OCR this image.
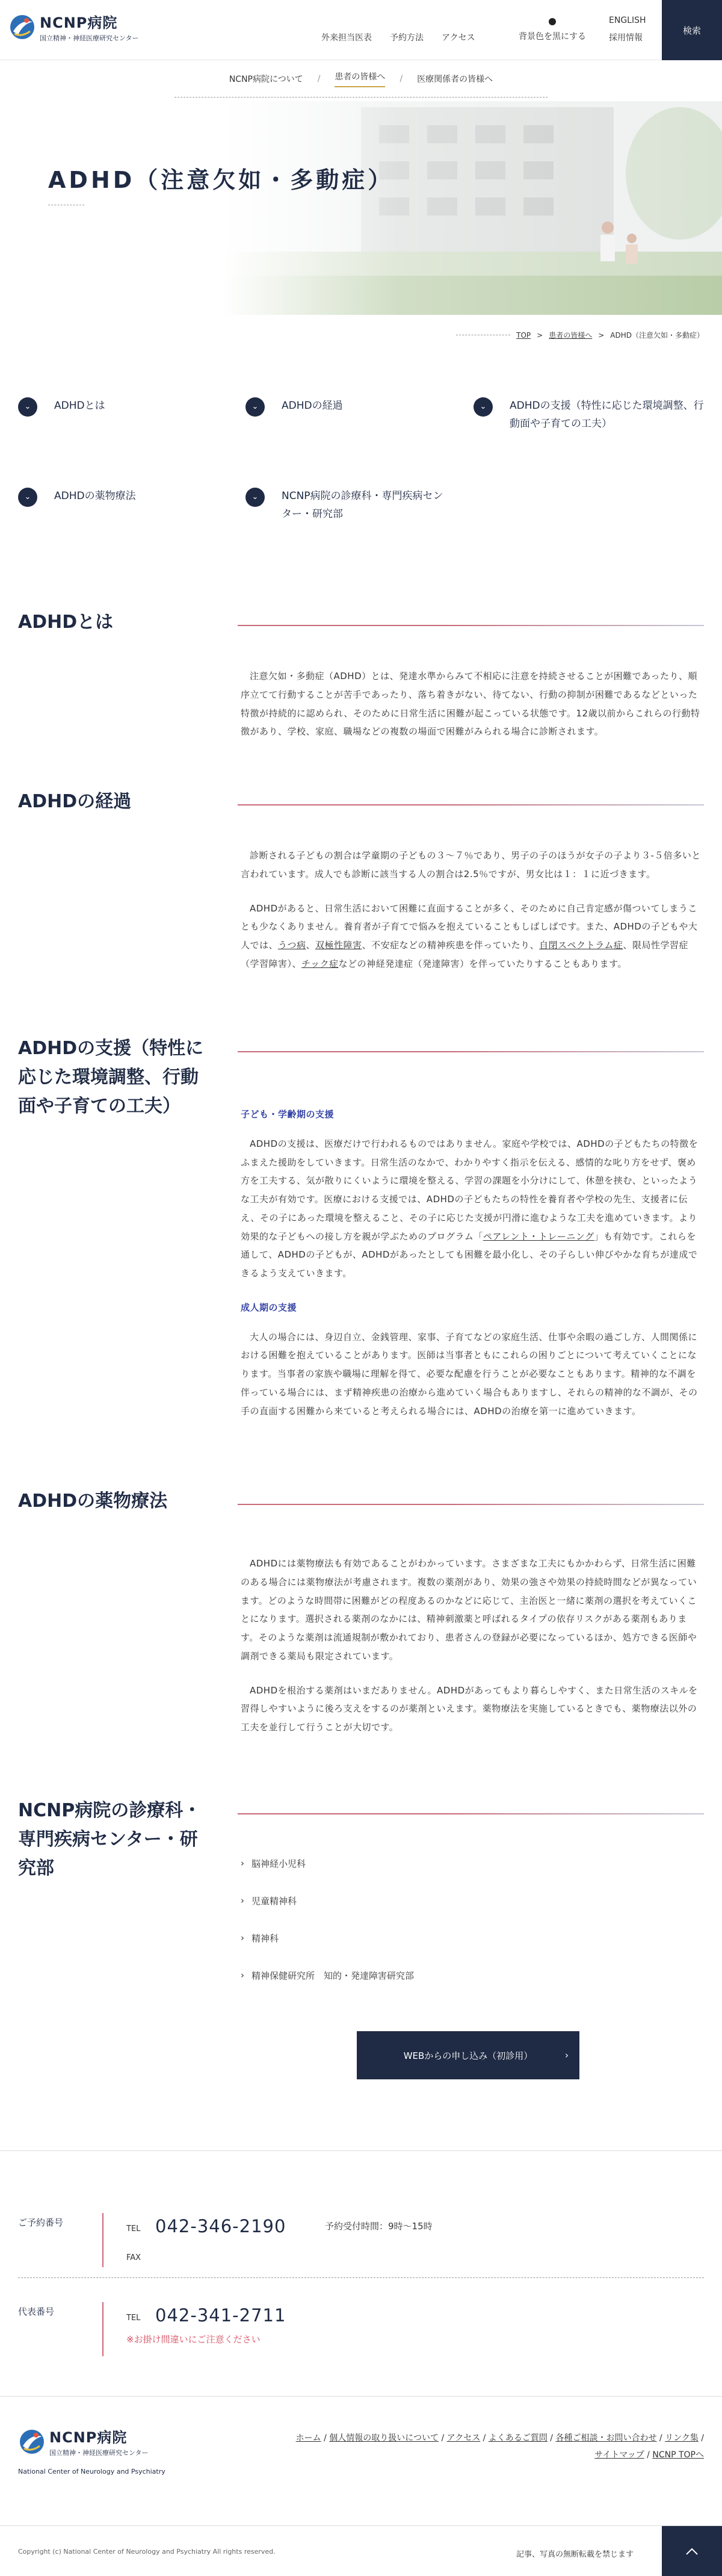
NCNP病院
国立精神・神経医療研究センター	外来担当医表 予約方法 アクセス	背景色を黒にする
ENGLISH
採用情報
検索
NCNP病院について / 患者の皆様へ / 医療関係者の皆様へ
ADHD（注意欠如・多動症）
TOP > 患者の皆様へ > ADHD（注意欠如・多動症）
⌄	ADHDとは	⌄	ADHDの経過	⌄	ADHDの支援（特性に応じた環境調整、行動面や子育ての工夫）
⌄	ADHDの薬物療法	⌄	NCNP病院の診療科・専門疾病センター・研究部
ADHDとは

注意欠如・多動症（ADHD）とは、発達水準からみて不相応に注意を持続させることが困難であったり、順序立てて行動することが苦手であったり、落ち着きがない、待てない、行動の抑制が困難であるなどといった特徴が持続的に認められ、そのために日常生活に困難が起こっている状態です。12歳以前からこれらの行動特徴があり、学校、家庭、職場などの複数の場面で困難がみられる場合に診断されます。

ADHDの経過

診断される子どもの割合は学童期の子どもの３〜７％であり、男子の子のほうが女子の子より３-５倍多いと言われています。成人でも診断に該当する人の割合は2.5％ですが、男女比は１：１に近づきます。

ADHDがあると、日常生活において困難に直面することが多く、そのために自己肯定感が傷ついてしまうことも少なくありません。養育者が子育てで悩みを抱えていることもしばしばです。また、ADHDの子どもや大人では、うつ病、双極性障害、不安症などの精神疾患を伴っていたり、自閉スペクトラム症、限局性学習症（学習障害）、チック症などの神経発達症（発達障害）を伴っていたりすることもあります。

ADHDの支援（特性に応じた環境調整、行動面や子育ての工夫）	子ども・学齢期の支援

ADHDの支援は、医療だけで行われるものではありません。家庭や学校では、ADHDの子どもたちの特徴をふまえた援助をしていきます。日常生活のなかで、わかりやすく指示を伝える、感情的な叱り方をせず、褒め方を工夫する、気が散りにくいように環境を整える、学習の課題を小分けにして、休憩を挟む、といったような工夫が有効です。医療における支援では、ADHDの子どもたちの特性を養育者や学校の先生、支援者に伝え、その子にあった環境を整えること、その子に応じた支援が円滑に進むような工夫を進めていきます。より効果的な子どもへの接し方を親が学ぶためのプログラム「ペアレント・トレーニング」も有効です。これらを通して、ADHDの子どもが、ADHDがあったとしても困難を最小化し、その子らしい伸びやかな育ちが達成できるよう支えていきます。

成人期の支援

大人の場合には、身辺自立、金銭管理、家事、子育てなどの家庭生活、仕事や余暇の過ごし方、人間関係における困難を抱えていることがあります。医師は当事者ともにこれらの困りごとについて考えていくことになります。当事者の家族や職場に理解を得て、必要な配慮を行うことが必要なこともあります。精神的な不調を伴っている場合には、まず精神疾患の治療から進めていく場合もありますし、それらの精神的な不調が、その手の直面する困難から来ていると考えられる場合には、ADHDの治療を第一に進めていきます。

ADHDの薬物療法

ADHDには薬物療法も有効であることがわかっています。さまざまな工夫にもかかわらず、日常生活に困難のある場合には薬物療法が考慮されます。複数の薬剤があり、効果の強さや効果の持続時間などが異なっています。どのような時間帯に困難がどの程度あるのかなどに応じて、主治医と一緒に薬剤の選択を考えていくことになります。選択される薬剤のなかには、精神刺激薬と呼ばれるタイプの依存リスクがある薬剤もあります。そのような薬剤は流通規制が敷かれており、患者さんの登録が必要になっているほか、処方できる医師や調剤できる薬局も限定されています。

ADHDを根治する薬剤はいまだありません。ADHDがあってもより暮らしやすく、また日常生活のスキルを習得しやすいように後ろ支えをするのが薬剤といえます。薬物療法を実施しているときでも、薬物療法以外の工夫を並行して行うことが大切です。

NCNP病院の診療科・専門疾病センター・研究部	› 脳神経小児科
› 児童精神科
› 精神科
› 精神保健研究所　知的・発達障害研究部
WEBからの申し込み（初診用）	›
ご予約番号
TEL 042-346-2190	予約受付時間：9時〜15時
FAX
代表番号
TEL 042-341-2711
※お掛け間違いにご注意ください
NCNP病院
国立精神・神経医療研究センター
National Center of Neurology and Psychiatry
ホーム / 個人情報の取り扱いについて / アクセス / よくあるご質問 / 各種ご相談・お問い合わせ / リンク集 /
サイトマップ / NCNP TOPへ
Copyright (c) National Center of Neurology and Psychiatry All rights reserved.	記事、写真の無断転載を禁じます
